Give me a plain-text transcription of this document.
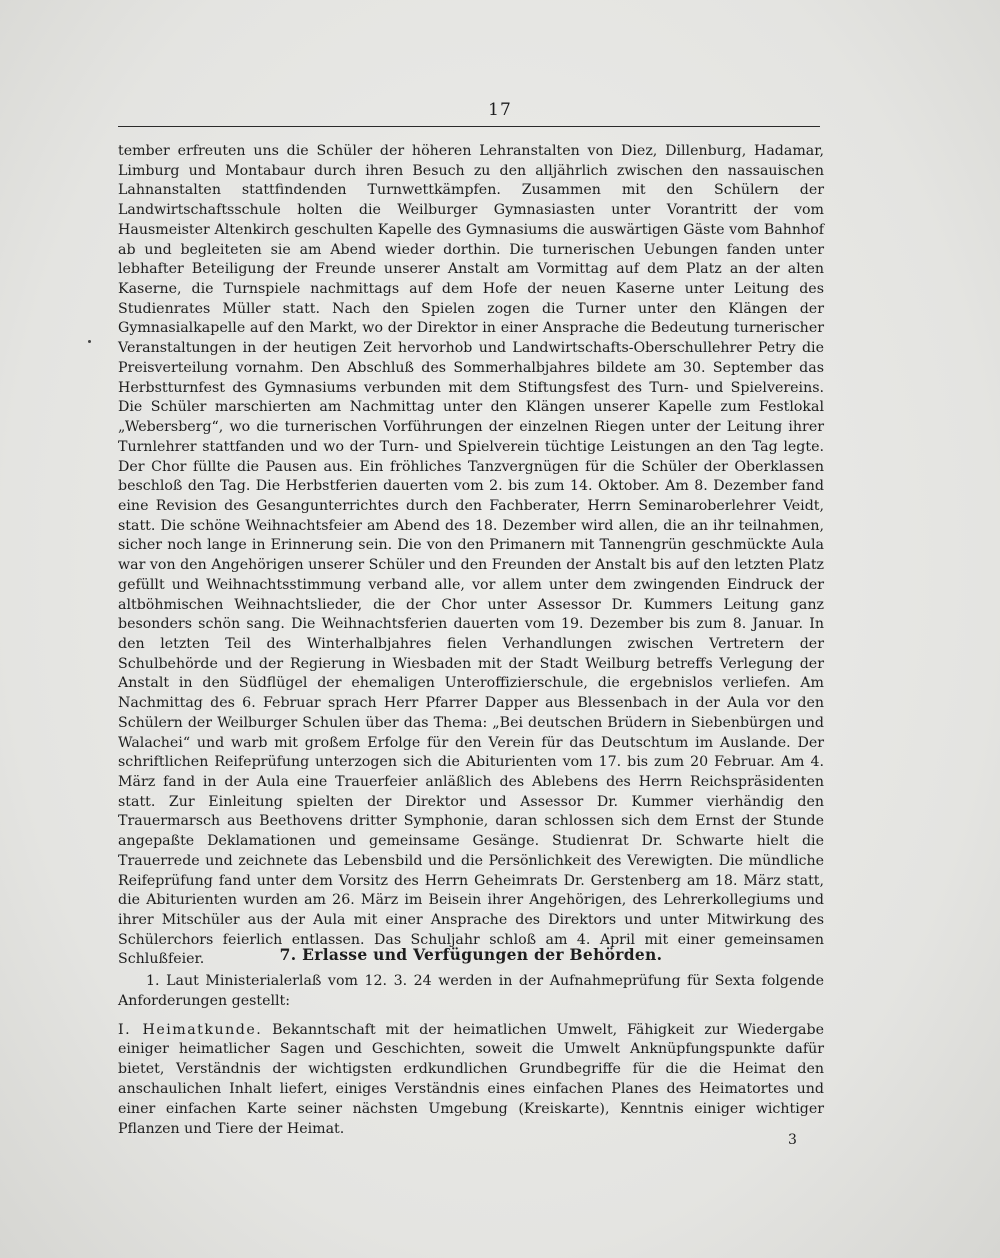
17

tember erfreuten uns die Schüler der höheren Lehranstalten von Diez, Dillenburg, Hadamar, Limburg und Montabaur durch ihren Besuch zu den alljährlich zwischen den nassauischen Lahnanstalten stattfindenden Turnwettkämpfen. Zusammen mit den Schülern der Landwirtschaftsschule holten die Weilburger Gymnasiasten unter Vorantritt der vom Hausmeister Altenkirch geschulten Kapelle des Gymnasiums die auswärtigen Gäste vom Bahnhof ab und begleiteten sie am Abend wieder dorthin. Die turnerischen Uebungen fanden unter lebhafter Beteiligung der Freunde unserer Anstalt am Vormittag auf dem Platz an der alten Kaserne, die Turnspiele nachmittags auf dem Hofe der neuen Kaserne unter Leitung des Studienrates Müller statt. Nach den Spielen zogen die Turner unter den Klängen der Gymnasialkapelle auf den Markt, wo der Direktor in einer Ansprache die Bedeutung turnerischer Veranstaltungen in der heutigen Zeit hervorhob und Landwirtschafts-Oberschullehrer Petry die Preisverteilung vornahm. Den Abschluß des Sommerhalbjahres bildete am 30. September das Herbstturnfest des Gymnasiums verbunden mit dem Stiftungsfest des Turn- und Spielvereins. Die Schüler marschierten am Nachmittag unter den Klängen unserer Kapelle zum Festlokal „Webersberg“, wo die turnerischen Vorführungen der einzelnen Riegen unter der Leitung ihrer Turnlehrer stattfanden und wo der Turn- und Spielverein tüchtige Leistungen an den Tag legte. Der Chor füllte die Pausen aus. Ein fröhliches Tanzvergnügen für die Schüler der Oberklassen beschloß den Tag. Die Herbstferien dauerten vom 2. bis zum 14. Oktober. Am 8. Dezember fand eine Revision des Gesangunterrichtes durch den Fachberater, Herrn Seminaroberlehrer Veidt, statt. Die schöne Weihnachtsfeier am Abend des 18. Dezember wird allen, die an ihr teilnahmen, sicher noch lange in Erinnerung sein. Die von den Primanern mit Tannengrün geschmückte Aula war von den Angehörigen unserer Schüler und den Freunden der Anstalt bis auf den letzten Platz gefüllt und Weihnachtsstimmung verband alle, vor allem unter dem zwingenden Eindruck der altböhmischen Weihnachtslieder, die der Chor unter Assessor Dr. Kummers Leitung ganz besonders schön sang. Die Weihnachtsferien dauerten vom 19. Dezember bis zum 8. Januar. In den letzten Teil des Winterhalbjahres fielen Verhandlungen zwischen Vertretern der Schulbehörde und der Regierung in Wiesbaden mit der Stadt Weilburg betreffs Verlegung der Anstalt in den Südflügel der ehemaligen Unteroffizierschule, die ergebnislos verliefen. Am Nachmittag des 6. Februar sprach Herr Pfarrer Dapper aus Blessenbach in der Aula vor den Schülern der Weilburger Schulen über das Thema: „Bei deutschen Brüdern in Siebenbürgen und Walachei“ und warb mit großem Erfolge für den Verein für das Deutschtum im Auslande. Der schriftlichen Reifeprüfung unterzogen sich die Abiturienten vom 17. bis zum 20 Februar. Am 4. März fand in der Aula eine Trauerfeier anläßlich des Ablebens des Herrn Reichspräsidenten statt. Zur Einleitung spielten der Direktor und Assessor Dr. Kummer vierhändig den Trauermarsch aus Beethovens dritter Symphonie, daran schlossen sich dem Ernst der Stunde angepaßte Deklamationen und gemeinsame Gesänge. Studienrat Dr. Schwarte hielt die Trauerrede und zeichnete das Lebensbild und die Persönlichkeit des Verewigten. Die mündliche Reifeprüfung fand unter dem Vorsitz des Herrn Geheimrats Dr. Gerstenberg am 18. März statt, die Abiturienten wurden am 26. März im Beisein ihrer Angehörigen, des Lehrerkollegiums und ihrer Mitschüler aus der Aula mit einer Ansprache des Direktors und unter Mitwirkung des Schülerchors feierlich entlassen. Das Schuljahr schloß am 4. April mit einer gemeinsamen Schlußfeier.	7. Erlasse und Verfügungen der Behörden.

1. Laut Ministerialerlaß vom 12. 3. 24 werden in der Aufnahmeprüfung für Sexta folgende Anforderungen gestellt:

I. Heimatkunde. Bekanntschaft mit der heimatlichen Umwelt, Fähigkeit zur Wiedergabe einiger heimatlicher Sagen und Geschichten, soweit die Umwelt Anknüpfungspunkte dafür bietet, Verständnis der wichtigsten erdkundlichen Grundbegriffe für die die Heimat den anschaulichen Inhalt liefert, einiges Verständnis eines einfachen Planes des Heimatortes und einer einfachen Karte seiner nächsten Umgebung (Kreiskarte), Kenntnis einiger wichtiger Pflanzen und Tiere der Heimat.

3
